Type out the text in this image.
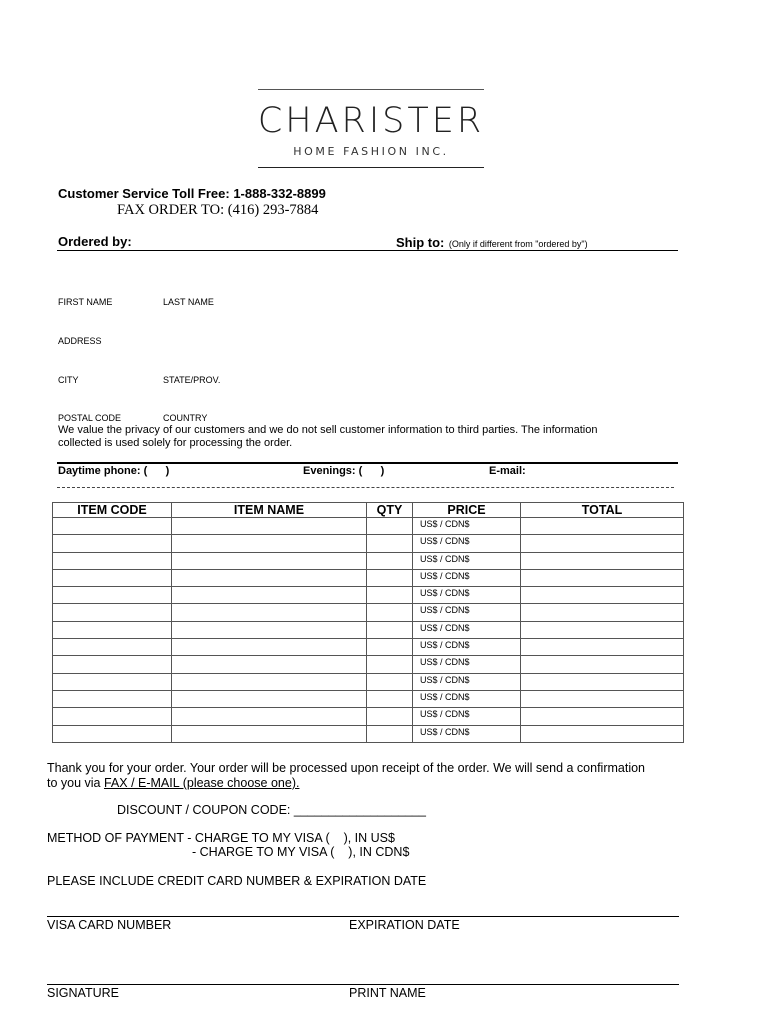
CHARISTER
HOME FASHION INC.
Customer Service Toll Free: 1-888-332-8899
FAX ORDER TO: (416) 293-7884
Ordered by:	Ship to: (Only if different from "ordered by")
FIRST NAME	LAST NAME
ADDRESS
CITY	STATE/PROV.
POSTAL CODE	COUNTRY
We value the privacy of our customers and we do not sell customer information to third parties. The information
collected is used solely for processing the order.
Daytime phone: (      )	Evenings: (      )	E-mail:
ITEM CODE	ITEM NAME	QTY	PRICE	TOTAL
			US$ / CDN$	
			US$ / CDN$	
			US$ / CDN$	
			US$ / CDN$	
			US$ / CDN$	
			US$ / CDN$	
			US$ / CDN$	
			US$ / CDN$	
			US$ / CDN$	
			US$ / CDN$	
			US$ / CDN$	
			US$ / CDN$	
			US$ / CDN$	
Thank you for your order. Your order will be processed upon receipt of the order. We will send a confirmation
to you via FAX / E-MAIL (please choose one).
DISCOUNT / COUPON CODE: ___________________
METHOD OF PAYMENT - CHARGE TO MY VISA (    ), IN US$
- CHARGE TO MY VISA (    ), IN CDN$
PLEASE INCLUDE CREDIT CARD NUMBER & EXPIRATION DATE
VISA CARD NUMBER	EXPIRATION DATE
SIGNATURE	PRINT NAME
